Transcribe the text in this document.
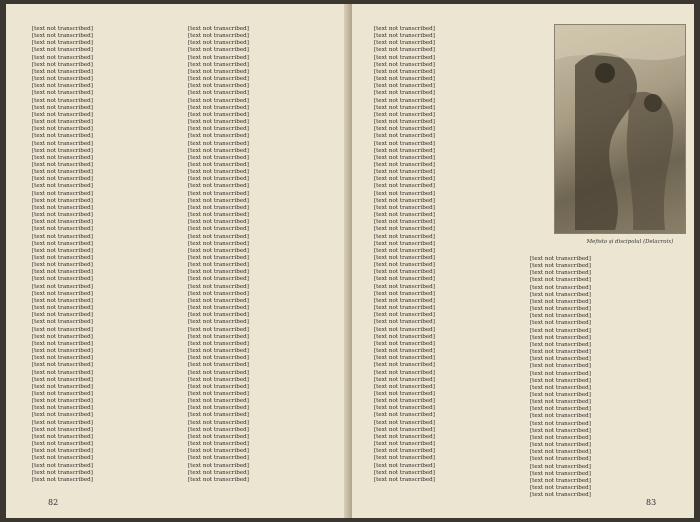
[text not transcribed]
[text not transcribed]
[text not transcribed]
[text not transcribed]
[text not transcribed]
[text not transcribed]
[text not transcribed]
[text not transcribed]
[text not transcribed]
[text not transcribed]
[text not transcribed]
[text not transcribed]
[text not transcribed]
[text not transcribed]
[text not transcribed]
[text not transcribed]
[text not transcribed]
[text not transcribed]
[text not transcribed]
[text not transcribed]
[text not transcribed]
[text not transcribed]
[text not transcribed]
[text not transcribed]
[text not transcribed]
[text not transcribed]
[text not transcribed]
[text not transcribed]
[text not transcribed]
[text not transcribed]
[text not transcribed]
[text not transcribed]
[text not transcribed]
[text not transcribed]
[text not transcribed]
[text not transcribed]
[text not transcribed]
[text not transcribed]
[text not transcribed]
[text not transcribed]
[text not transcribed]
[text not transcribed]
[text not transcribed]
[text not transcribed]
[text not transcribed]
[text not transcribed]
[text not transcribed]
[text not transcribed]
[text not transcribed]
[text not transcribed]
[text not transcribed]
[text not transcribed]
[text not transcribed]
[text not transcribed]
[text not transcribed]
[text not transcribed]
[text not transcribed]
[text not transcribed]
[text not transcribed]
[text not transcribed]
[text not transcribed]
[text not transcribed]
[text not transcribed]
[text not transcribed]
[text not transcribed]
[text not transcribed]
[text not transcribed]
[text not transcribed]
[text not transcribed]
[text not transcribed]
[text not transcribed]
[text not transcribed]
[text not transcribed]
[text not transcribed]
[text not transcribed]
[text not transcribed]
[text not transcribed]
[text not transcribed]
[text not transcribed]
[text not transcribed]
[text not transcribed]
[text not transcribed]
[text not transcribed]
[text not transcribed]
[text not transcribed]
[text not transcribed]
[text not transcribed]
[text not transcribed]
[text not transcribed]
[text not transcribed]
[text not transcribed]
[text not transcribed]
[text not transcribed]
[text not transcribed]
[text not transcribed]
[text not transcribed]
[text not transcribed]
[text not transcribed]
[text not transcribed]
[text not transcribed]
[text not transcribed]
[text not transcribed]
[text not transcribed]
[text not transcribed]
[text not transcribed]
[text not transcribed]
[text not transcribed]
[text not transcribed]
[text not transcribed]
[text not transcribed]
[text not transcribed]
[text not transcribed]
[text not transcribed]
[text not transcribed]
[text not transcribed]
[text not transcribed]
[text not transcribed]
[text not transcribed]
[text not transcribed]
[text not transcribed]
[text not transcribed]
[text not transcribed]
[text not transcribed]
[text not transcribed]
[text not transcribed]
[text not transcribed]
[text not transcribed]
[text not transcribed]
82
[text not transcribed]
[text not transcribed]
[text not transcribed]
[text not transcribed]
[text not transcribed]
[text not transcribed]
[text not transcribed]
[text not transcribed]
[text not transcribed]
[text not transcribed]
[text not transcribed]
[text not transcribed]
[text not transcribed]
[text not transcribed]
[text not transcribed]
[text not transcribed]
[text not transcribed]
[text not transcribed]
[text not transcribed]
[text not transcribed]
[text not transcribed]
[text not transcribed]
[text not transcribed]
[text not transcribed]
[text not transcribed]
[text not transcribed]
[text not transcribed]
[text not transcribed]
[text not transcribed]
[text not transcribed]
[text not transcribed]
[text not transcribed]
[text not transcribed]
[text not transcribed]
[text not transcribed]
[text not transcribed]
[text not transcribed]
[text not transcribed]
[text not transcribed]
[text not transcribed]
[text not transcribed]
[text not transcribed]
[text not transcribed]
[text not transcribed]
[text not transcribed]
[text not transcribed]
[text not transcribed]
[text not transcribed]
[text not transcribed]
[text not transcribed]
[text not transcribed]
[text not transcribed]
[text not transcribed]
[text not transcribed]
[text not transcribed]
[text not transcribed]
[text not transcribed]
[text not transcribed]
[text not transcribed]
[text not transcribed]
[text not transcribed]
[text not transcribed]
[text not transcribed]
[text not transcribed]
[text not transcribed]
[text not transcribed]
[text not transcribed]
[text not transcribed]
[text not transcribed]
[text not transcribed]
[text not transcribed]
[text not transcribed]
[text not transcribed]
[text not transcribed]
[text not transcribed]
[text not transcribed]
[text not transcribed]
[text not transcribed]
[text not transcribed]
[text not transcribed]
[text not transcribed]
[text not transcribed]
[text not transcribed]
[text not transcribed]
[text not transcribed]
[text not transcribed]
[text not transcribed]
[text not transcribed]
[text not transcribed]
[text not transcribed]
[text not transcribed]
[text not transcribed]
[text not transcribed]
[text not transcribed]
[text not transcribed]
[text not transcribed]
[text not transcribed]
[text not transcribed]
83
Mefisto și discipolul (Delacroix)
